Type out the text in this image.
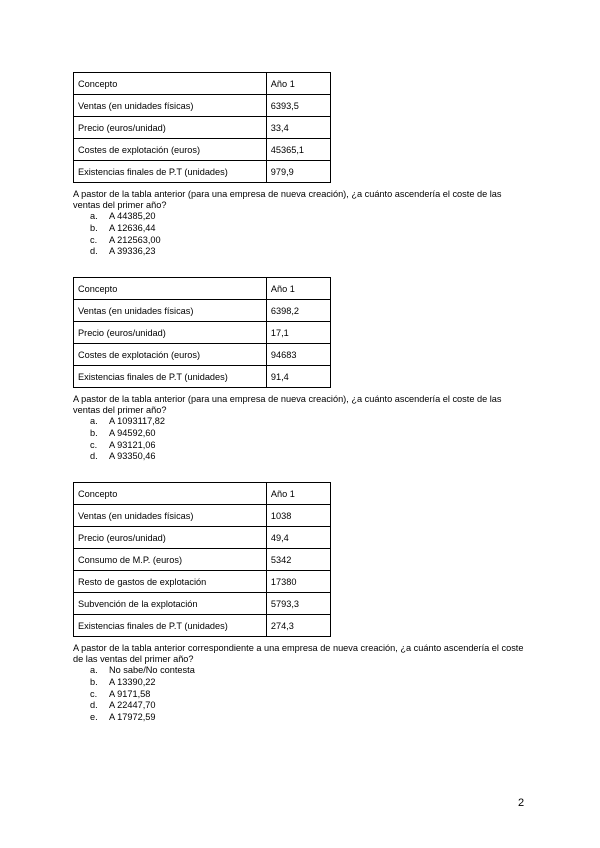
Concepto	Año 1
Ventas (en unidades físicas)	6393,5
Precio (euros/unidad)	33,4
Costes de explotación (euros)	45365,1
Existencias finales de P.T (unidades)	979,9
A pastor de la tabla anterior (para una empresa de nueva creación), ¿a cuánto ascendería el coste de las ventas del primer año?
a.	A 44385,20
b.	A 12636,44
c.	A 212563,00
d.	A 39336,23
Concepto	Año 1
Ventas (en unidades físicas)	6398,2
Precio (euros/unidad)	17,1
Costes de explotación (euros)	94683
Existencias finales de P.T (unidades)	91,4
A pastor de la tabla anterior (para una empresa de nueva creación), ¿a cuánto ascendería el coste de las ventas del primer año?
a.	A 1093117,82
b.	A 94592,60
c.	A 93121,06
d.	A 93350,46
Concepto	Año 1
Ventas (en unidades físicas)	1038
Precio (euros/unidad)	49,4
Consumo de M.P. (euros)	5342
Resto de gastos de explotación	17380
Subvención de la explotación	5793,3
Existencias finales de P.T (unidades)	274,3
A pastor de la tabla anterior correspondiente a una empresa de nueva creación, ¿a cuánto ascendería el coste de las ventas del primer año?
a.	No sabe/No contesta
b.	A 13390,22
c.	A 9171,58
d.	A 22447,70
e.	A 17972,59
2
